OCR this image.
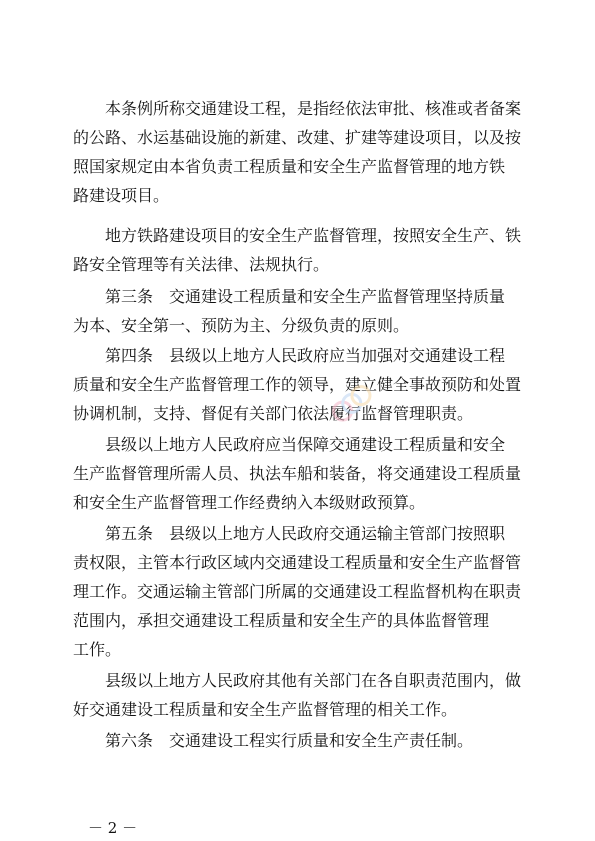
本条例所称交通建设工程，是指经依法审批、核准或者备案

的公路、水运基础设施的新建、改建、扩建等建设项目，以及按

照国家规定由本省负责工程质量和安全生产监督管理的地方铁

路建设项目。

地方铁路建设项目的安全生产监督管理，按照安全生产、铁

路安全管理等有关法律、法规执行。

第三条　交通建设工程质量和安全生产监督管理坚持质量

为本、安全第一、预防为主、分级负责的原则。

第四条　县级以上地方人民政府应当加强对交通建设工程

质量和安全生产监督管理工作的领导，建立健全事故预防和处置

协调机制，支持、督促有关部门依法履行监督管理职责。

县级以上地方人民政府应当保障交通建设工程质量和安全

生产监督管理所需人员、执法车船和装备，将交通建设工程质量

和安全生产监督管理工作经费纳入本级财政预算。

第五条　县级以上地方人民政府交通运输主管部门按照职

责权限，主管本行政区域内交通建设工程质量和安全生产监督管

理工作。交通运输主管部门所属的交通建设工程监督机构在职责

范围内，承担交通建设工程质量和安全生产的具体监督管理

工作。

县级以上地方人民政府其他有关部门在各自职责范围内，做

好交通建设工程质量和安全生产监督管理的相关工作。

第六条　交通建设工程实行质量和安全生产责任制。

－ 2 －
